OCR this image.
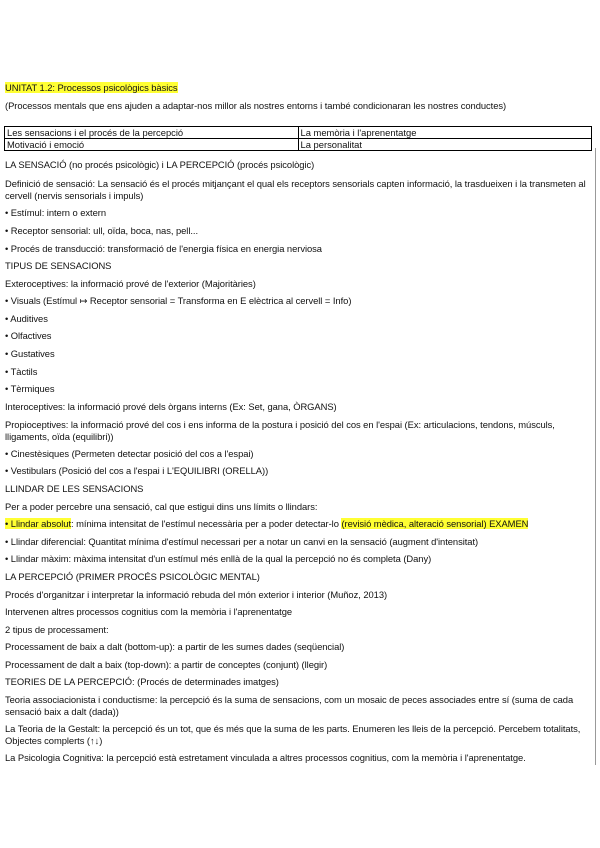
UNITAT 1.2: Processos psicològics bàsics
(Processos mentals que ens ajuden a adaptar-nos millor als nostres entorns i també condicionaran les nostres conductes)
Les sensacions i el procés de la percepció	La memòria i l'aprenentatge
Motivació i emoció	La personalitat
LA SENSACIÓ (no procés psicològic) i LA PERCEPCIÓ (procés psicològic)
Definició de sensació: La sensació és el procés mitjançant el qual els receptors sensorials capten informació, la trasdueixen i la transmeten al cervell (nervis sensorials i impuls)
• Estímul: intern o extern
• Receptor sensorial: ull, oïda, boca, nas, pell...
• Procés de transducció: transformació de l'energia física en energia nerviosa
TIPUS DE SENSACIONS
Exteroceptives: la informació prové de l'exterior (Majoritàries)
• Visuals (Estímul ↦ Receptor sensorial = Transforma en E elèctrica al cervell = Info)
• Auditives
• Olfactives
• Gustatives
• Tàctils
• Tèrmiques
Interoceptives: la informació prové dels òrgans interns (Ex: Set, gana, ÒRGANS)
Propioceptives: la informació prové del cos i ens informa de la postura i posició del cos en l'espai (Ex: articulacions, tendons, músculs, lligaments, oïda (equilibri))
• Cinestèsiques (Permeten detectar posició del cos a l'espai)
• Vestibulars (Posició del cos a l'espai i L'EQUILIBRI (ORELLA))
LLINDAR DE LES SENSACIONS
Per a poder percebre una sensació, cal que estigui dins uns límits o llindars:
• Llindar absolut: mínima intensitat de l'estímul necessària per a poder detectar-lo (revisió mèdica, alteració sensorial) EXAMEN
• Llindar diferencial: Quantitat mínima d'estímul necessari per a notar un canvi en la sensació (augment d'intensitat)
• Llindar màxim: màxima intensitat d'un estímul més enllà de la qual la percepció no és completa (Dany)
LA PERCEPCIÓ (PRIMER PROCÉS PSICOLÒGIC MENTAL)
Procés d'organitzar i interpretar la informació rebuda del món exterior i interior (Muñoz, 2013)
Intervenen altres processos cognitius com la memòria i l'aprenentatge
2 tipus de processament:
Processament de baix a dalt (bottom-up): a partir de les sumes dades (seqüencial)
Processament de dalt a baix (top-down): a partir de conceptes (conjunt) (llegir)
TEORIES DE LA PERCEPCIÓ: (Procés de determinades imatges)
Teoria associacionista i conductisme: la percepció és la suma de sensacions, com un mosaic de peces associades entre sí (suma de cada sensació baix a dalt (dada))
La Teoria de la Gestalt: la percepció és un tot, que és més que la suma de les parts. Enumeren les lleis de la percepció. Percebem totalitats, Objectes complerts (↑↓)
La Psicologia Cognitiva: la percepció està estretament vinculada a altres processos cognitius, com la memòria i l'aprenentatge.
